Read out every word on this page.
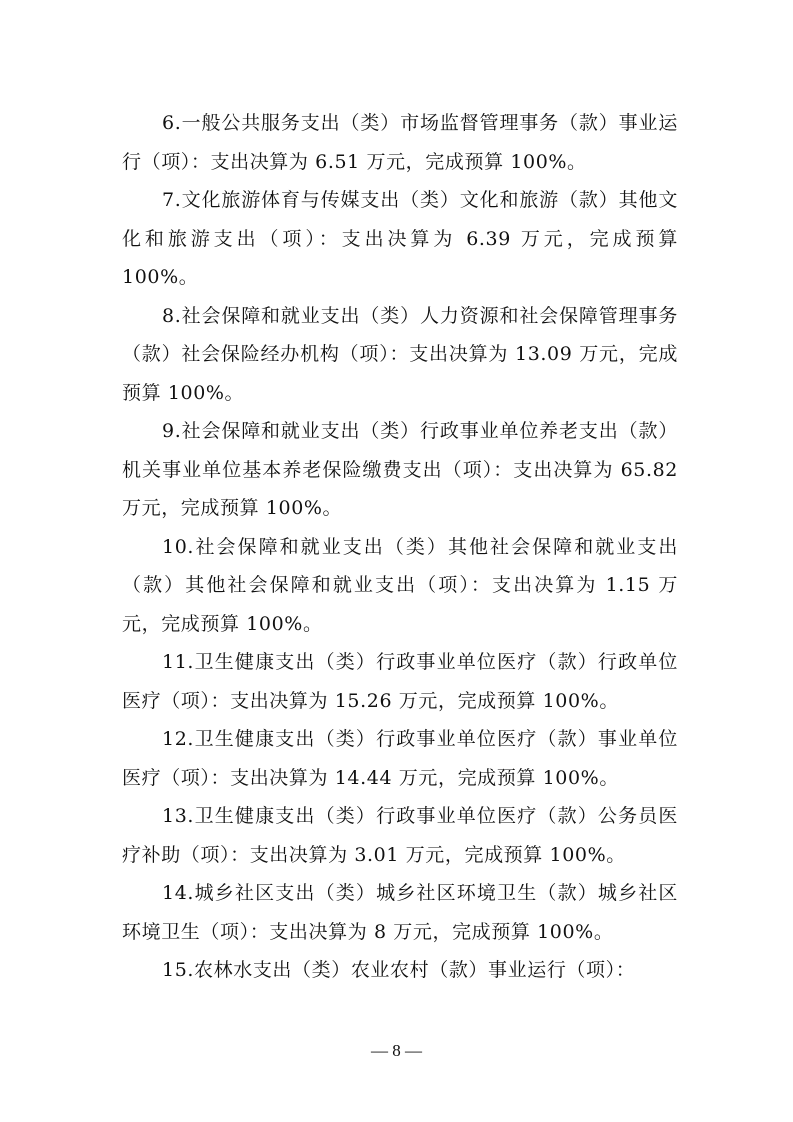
6.一般公共服务支出（类）市场监督管理事务（款）事业运行（项）：支出决算为 6.51 万元，完成预算 100%。

7.文化旅游体育与传媒支出（类）文化和旅游（款）其他文化和旅游支出（项）：支出决算为 6.39 万元，完成预算 100%。

8.社会保障和就业支出（类）人力资源和社会保障管理事务（款）社会保险经办机构（项）：支出决算为 13.09 万元，完成预算 100%。

9.社会保障和就业支出（类）行政事业单位养老支出（款）机关事业单位基本养老保险缴费支出（项）：支出决算为 65.82 万元，完成预算 100%。

10.社会保障和就业支出（类）其他社会保障和就业支出（款）其他社会保障和就业支出（项）：支出决算为 1.15 万元，完成预算 100%。

11.卫生健康支出（类）行政事业单位医疗（款）行政单位医疗（项）：支出决算为 15.26 万元，完成预算 100%。

12.卫生健康支出（类）行政事业单位医疗（款）事业单位医疗（项）：支出决算为 14.44 万元，完成预算 100%。

13.卫生健康支出（类）行政事业单位医疗（款）公务员医疗补助（项）：支出决算为 3.01 万元，完成预算 100%。

14.城乡社区支出（类）城乡社区环境卫生（款）城乡社区环境卫生（项）：支出决算为 8 万元，完成预算 100%。

15.农林水支出（类）农业农村（款）事业运行（项）：

— 8 —
